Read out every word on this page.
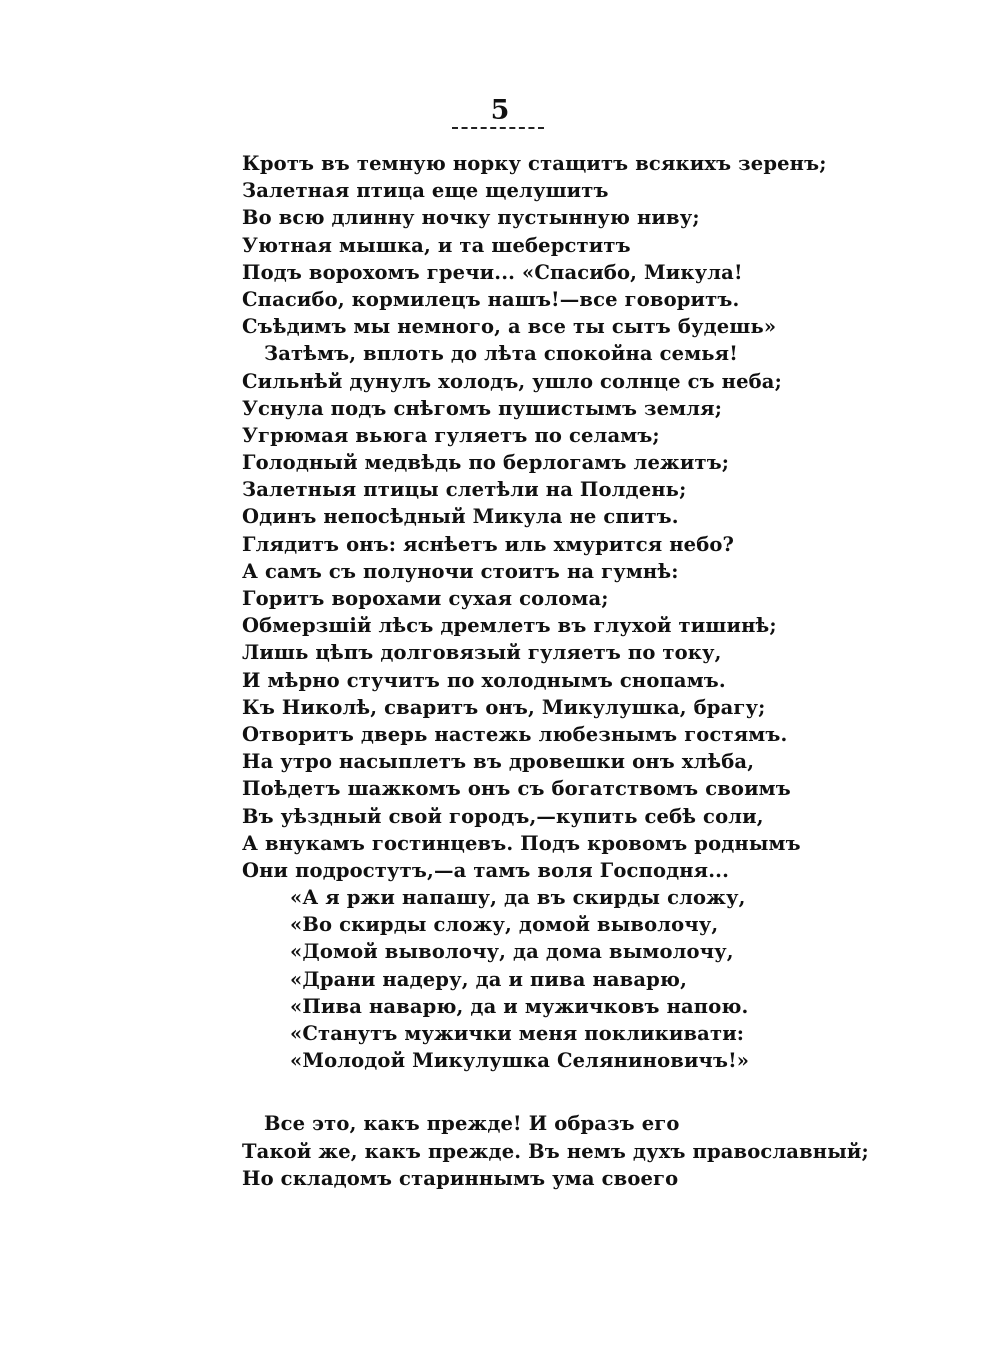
5
Кротъ въ темную норку стащитъ всякихъ зеренъ;
Залетная птица еще щелушитъ
Во всю длинну ночку пустынную ниву;
Уютная мышка, и та шеберститъ
Подъ ворохомъ гречи... «Спасибо, Микула!
Спасибо, кормилецъ нашъ!—все говоритъ.
Съѣдимъ мы немного, а все ты сытъ будешь»
Затѣмъ, вплоть до лѣта спокойна семья!
Сильнѣй дунулъ холодъ, ушло солнце съ неба;
Уснула подъ снѣгомъ пушистымъ земля;
Угрюмая вьюга гуляетъ по селамъ;
Голодный медвѣдь по берлогамъ лежитъ;
Залетныя птицы слетѣли на Полдень;
Одинъ непосѣдный Микула не спитъ.
Глядитъ онъ: яснѣетъ иль хмурится небо?
А самъ съ полуночи стоитъ на гумнѣ:
Горитъ ворохами сухая солома;
Обмерзшій лѣсъ дремлетъ въ глухой тишинѣ;
Лишь цѣпъ долговязый гуляетъ по току,
И мѣрно стучитъ по холоднымъ снопамъ.
Къ Николѣ, сваритъ онъ, Микулушка, брагу;
Отворитъ дверь настежь любезнымъ гостямъ.
На утро насыплетъ въ дровешки онъ хлѣба,
Поѣдетъ шажкомъ онъ съ богатствомъ своимъ
Въ уѣздный свой городъ,—купить себѣ соли,
А внукамъ гостинцевъ. Подъ кровомъ роднымъ
Они подростутъ,—а тамъ воля Господня...
«А я ржи напашу, да въ скирды сложу,
«Во скирды сложу, домой выволочу,
«Домой выволочу, да дома вымолочу,
«Драни надеру, да и пива наварю,
«Пива наварю, да и мужичковъ напою.
«Станутъ мужички меня покликивати:
«Молодой Микулушка Селяниновичъ!»
Все это, какъ прежде! И образъ его
Такой же, какъ прежде. Въ немъ духъ православный;
Но складомъ стариннымъ ума своего
